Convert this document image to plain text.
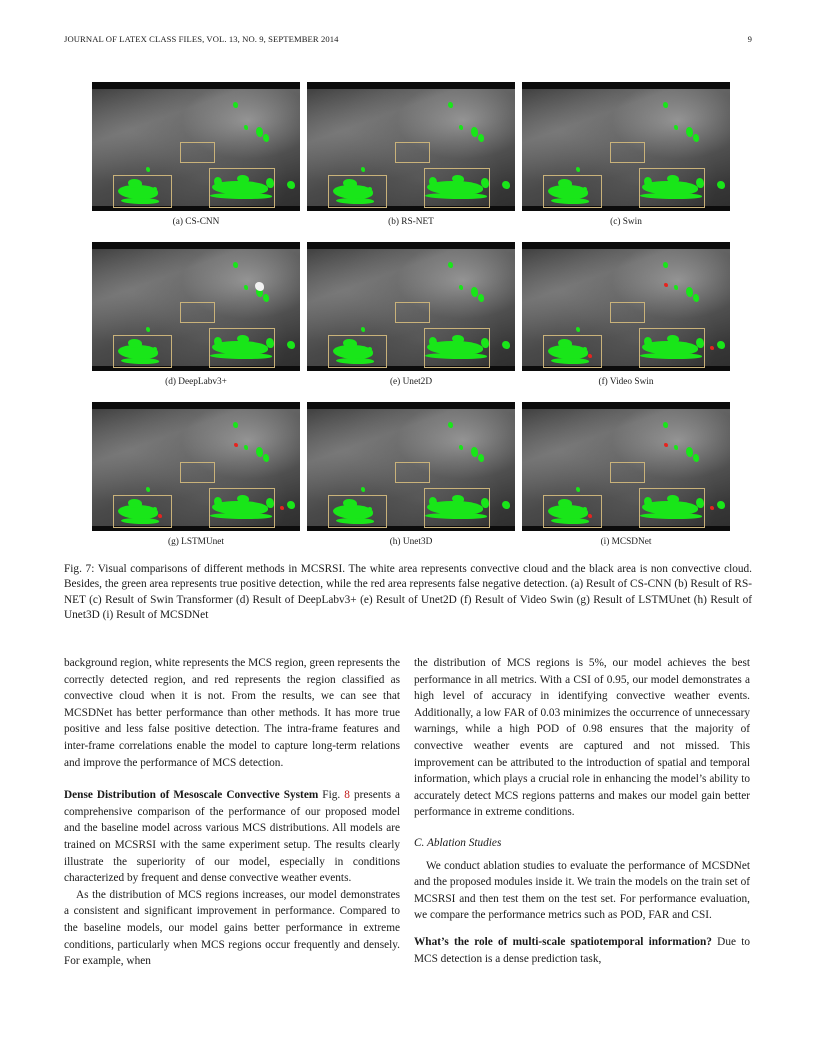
JOURNAL OF LATEX CLASS FILES, VOL. 13, NO. 9, SEPTEMBER 2014	9
(a) CS-CNN	(b) RS-NET	(c) Swin
(d) DeepLabv3+	(e) Unet2D	(f) Video Swin
(g) LSTMUnet	(h) Unet3D	(i) MCSDNet
Fig. 7: Visual comparisons of different methods in MCSRSI. The white area represents convective cloud and the black area is non convective cloud. Besides, the green area represents true positive detection, while the red area represents false negative detection. (a) Result of CS-CNN (b) Result of RS-NET (c) Result of Swin Transformer (d) Result of DeepLabv3+ (e) Result of Unet2D (f) Result of Video Swin (g) Result of LSTMUnet (h) Result of Unet3D (i) Result of MCSDNet

background region, white represents the MCS region, green represents the correctly detected region, and red represents the region classified as convective cloud when it is not. From the results, we can see that MCSDNet has better performance than other methods. It has more true positive and less false positive detection. The intra-frame features and inter-frame correlations enable the model to capture long-term relations and improve the performance of MCS detection.

Dense Distribution of Mesoscale Convective System Fig. 8 presents a comprehensive comparison of the performance of our proposed model and the baseline model across various MCS distributions. All models are trained on MCSRSI with the same experiment setup. The results clearly illustrate the superiority of our model, especially in conditions characterized by frequent and dense convective weather events.

As the distribution of MCS regions increases, our model demonstrates a consistent and significant improvement in performance. Compared to the baseline models, our model gains better performance in extreme conditions, particularly when MCS regions occur frequently and densely. For example, when

the distribution of MCS regions is 5%, our model achieves the best performance in all metrics. With a CSI of 0.95, our model demonstrates a high level of accuracy in identifying convective weather events. Additionally, a low FAR of 0.03 minimizes the occurrence of unnecessary warnings, while a high POD of 0.98 ensures that the majority of convective weather events are captured and not missed. This improvement can be attributed to the introduction of spatial and temporal information, which plays a crucial role in enhancing the model’s ability to accurately detect MCS regions patterns and makes our model gain better performance in extreme conditions.

C. Ablation Studies

We conduct ablation studies to evaluate the performance of MCSDNet and the proposed modules inside it. We train the models on the train set of MCSRSI and then test them on the test set. For performance evaluation, we compare the performance metrics such as POD, FAR and CSI.

What’s the role of multi-scale spatiotemporal information? Due to MCS detection is a dense prediction task,
